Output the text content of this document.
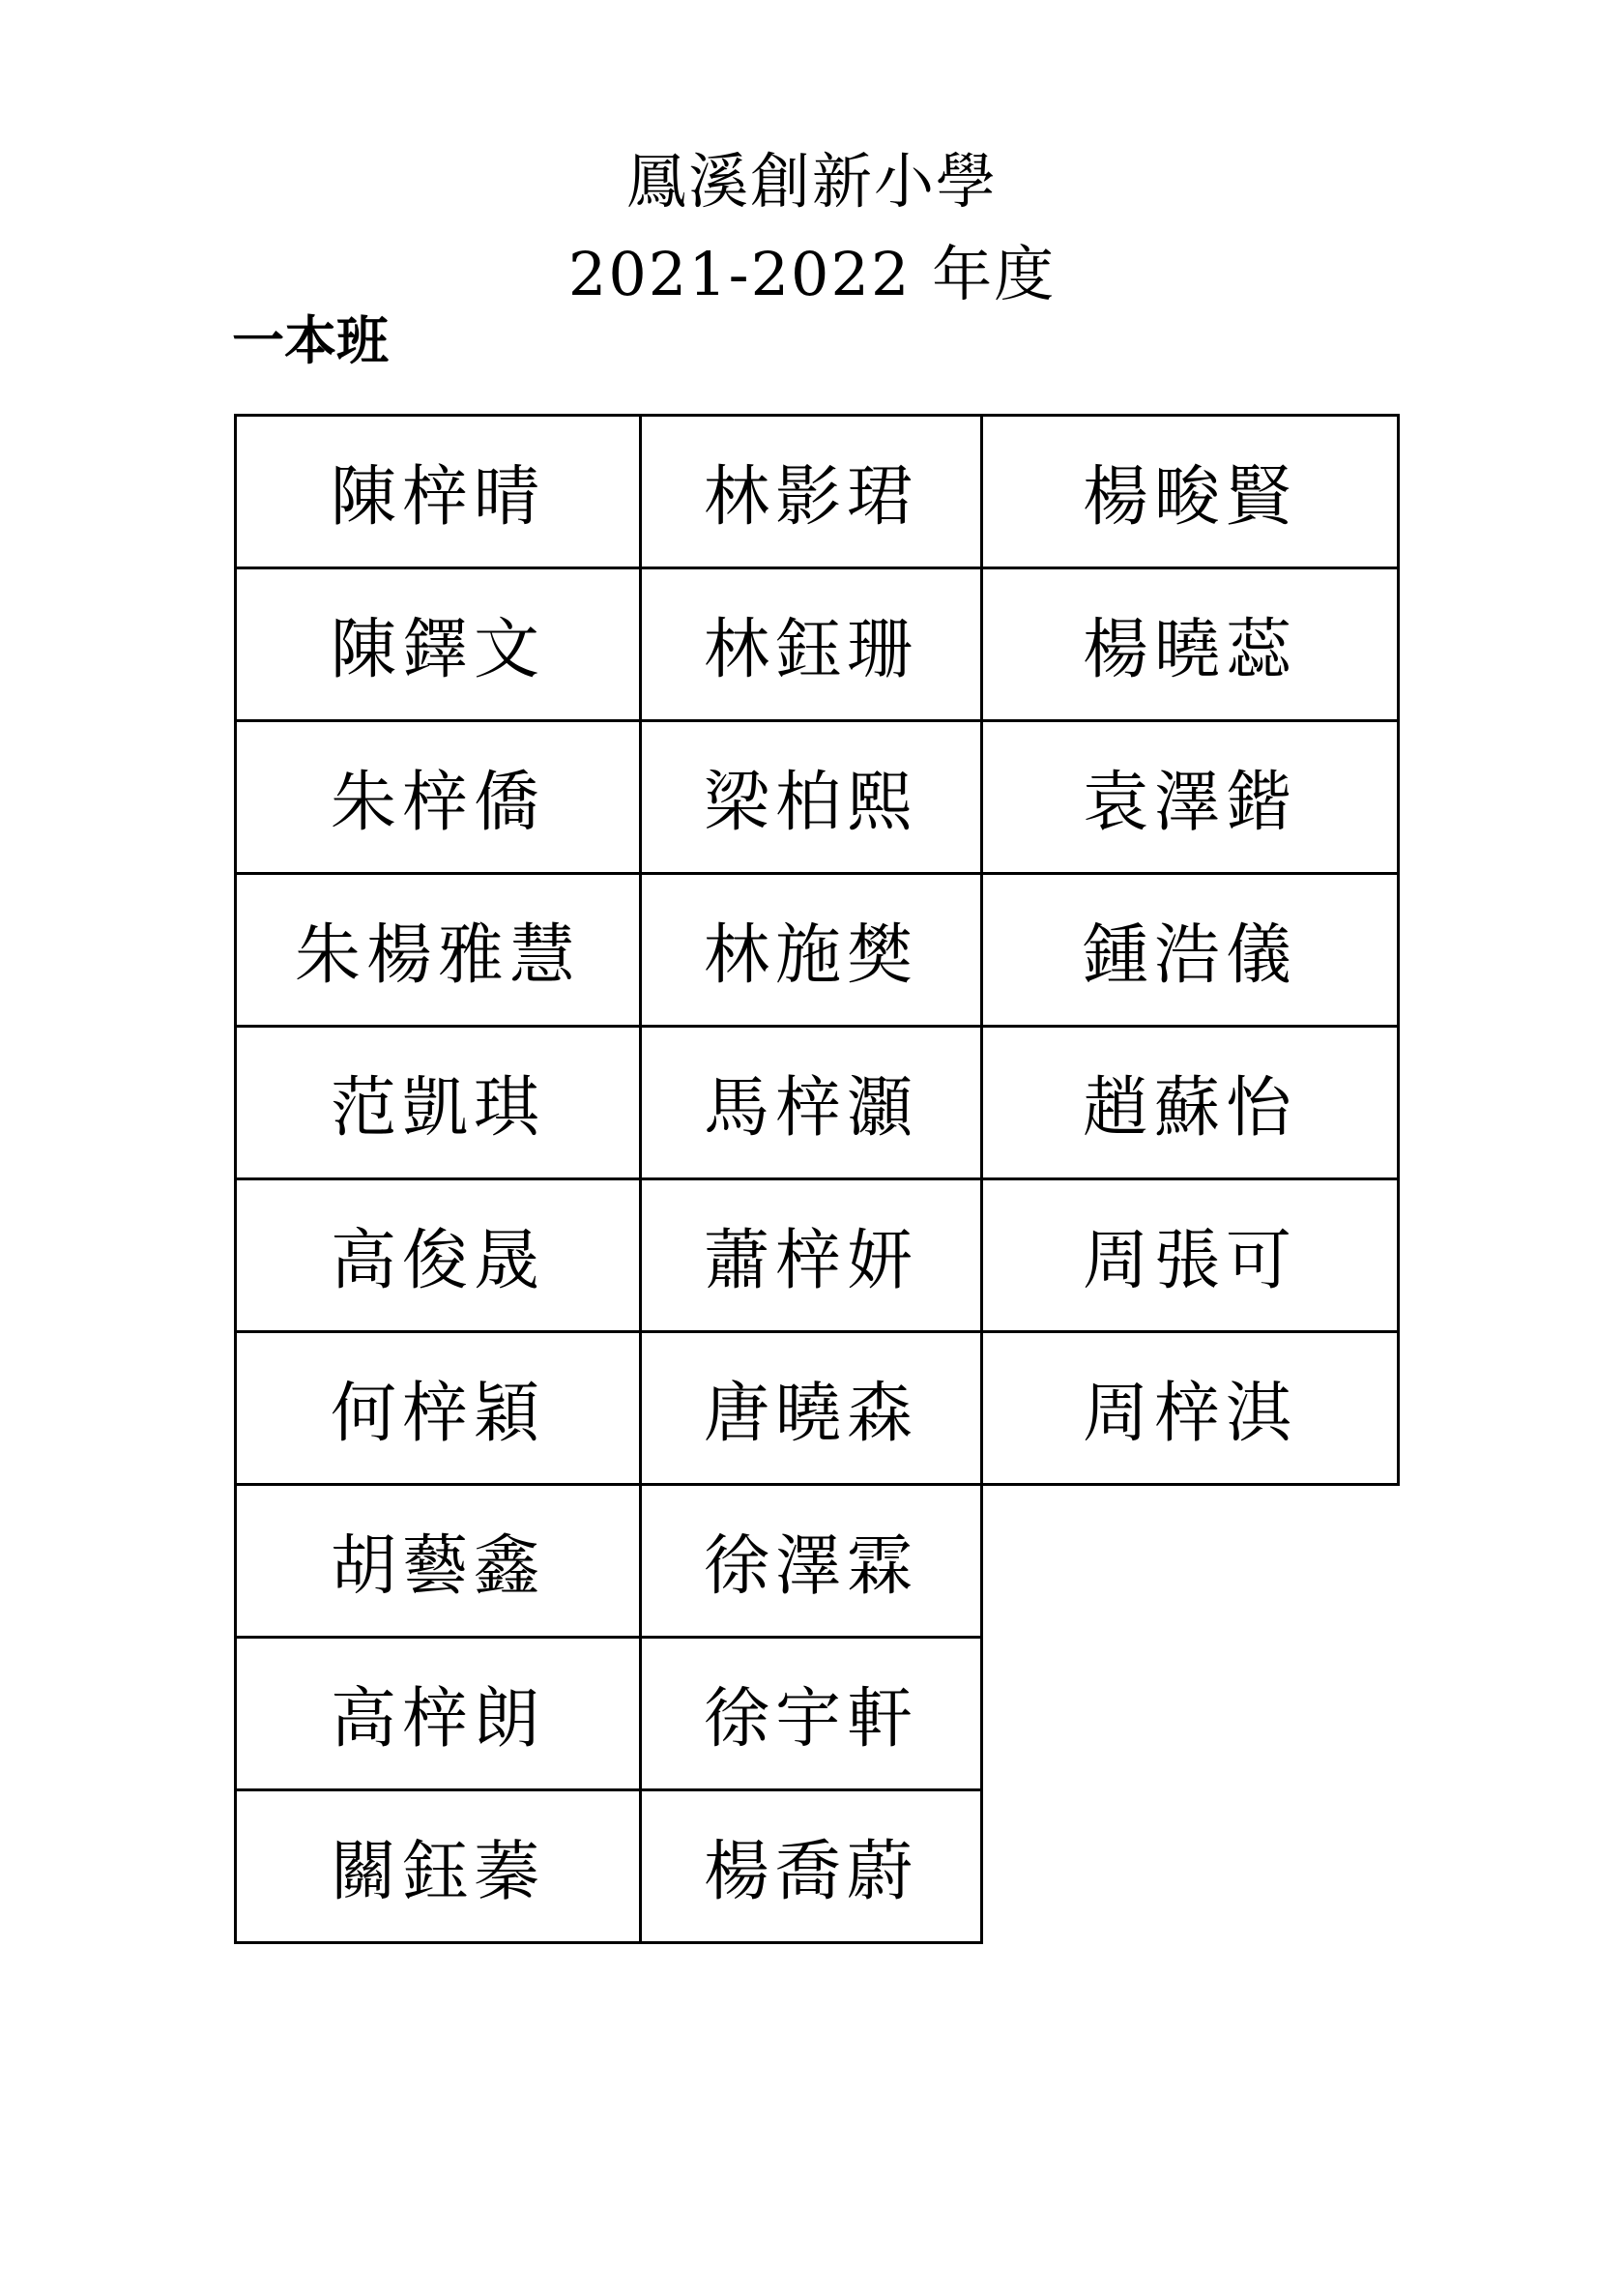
鳳溪創新小學
2021-2022 年度
一本班
陳梓晴
陳鐸文
朱梓僑
朱楊雅慧
范凱琪
高俊晟
何梓穎
胡藝鑫
高梓朗
關鈺蓁
林影珺
林鈺珊
梁柏熙
林施樊
馬梓灝
蕭梓妍
唐曉森
徐澤霖
徐宇軒
楊喬蔚
楊畯賢
楊曉蕊
袁澤鍇
鍾浩儀
趙蘇怡
周張可
周梓淇
